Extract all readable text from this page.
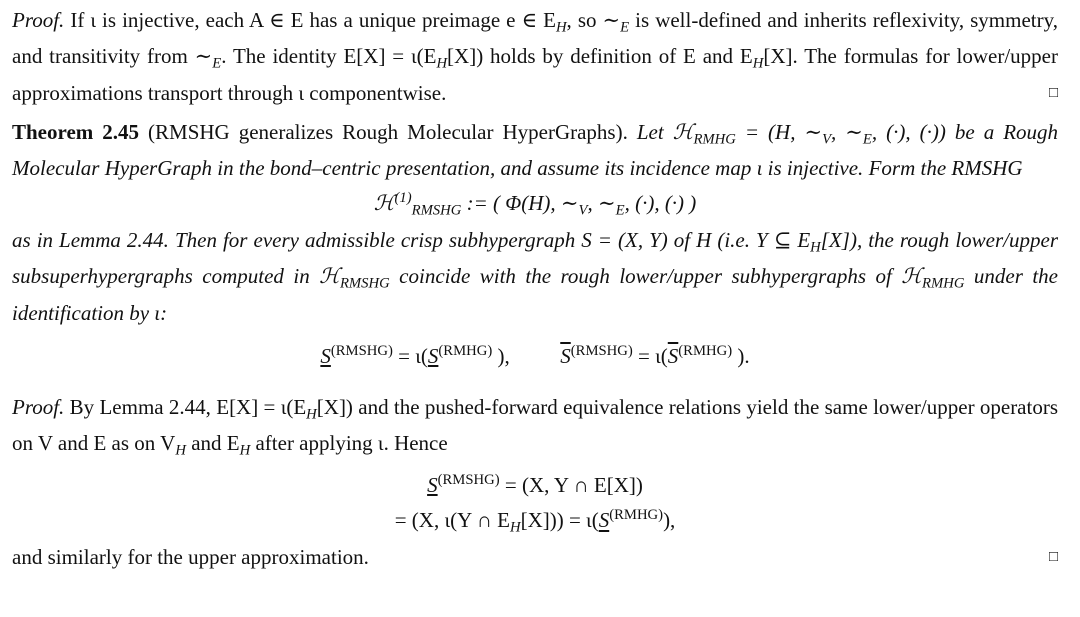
Proof. If ι is injective, each A ∈ E has a unique preimage e ∈ $E_H$, so $\sim_E$ is well-defined and inherits reflexivity, symmetry, and transitivity from $\sim_E$. The identity $E[X] = \iota(E_H[X])$ holds by definition of E and $E_H[X]$. The formulas for lower/upper approximations transport through ι componentwise.	□
Theorem 2.45 (RMSHG generalizes Rough Molecular HyperGraphs). Let ℋ$_{RMHG}$ = (H, $\sim_V$, $\sim_E$, (·), (·)) be a Rough Molecular HyperGraph in the bond–centric presentation, and assume its incidence map ι is injective. Form the RMSHG
ℋ$^{(1)}_{RMSHG}$ := ( Φ(H), $\sim_V$, $\sim_E$, (·), (·) )
as in Lemma 2.44. Then for every admissible crisp subhypergraph S = (X, Y) of H (i.e. Y ⊆ $E_H[X]$), the rough lower/upper subsuperhypergraphs computed in ℋ$_{RMSHG}$ coincide with the rough lower/upper subhypergraphs of ℋ$_{RMHG}$ under the identification by ι:
$S^{(RMSHG)} = \iota(S^{(RMHG)}$ ), $\overline{S}^{(RMSHG)} = \iota(\overline{S}^{(RMHG)}$ ).
Proof. By Lemma 2.44, $E[X] = \iota(E_H[X])$ and the pushed-forward equivalence relations yield the same lower/upper operators on V and E as on $V_H$ and $E_H$ after applying ι. Hence
$S^{(RMSHG)} = (X$, Y ∩ E[X])
= (X, ι(Y ∩ $E_H[X])) = \iota(S^{(RMHG)})$,
and similarly for the upper approximation.	□
